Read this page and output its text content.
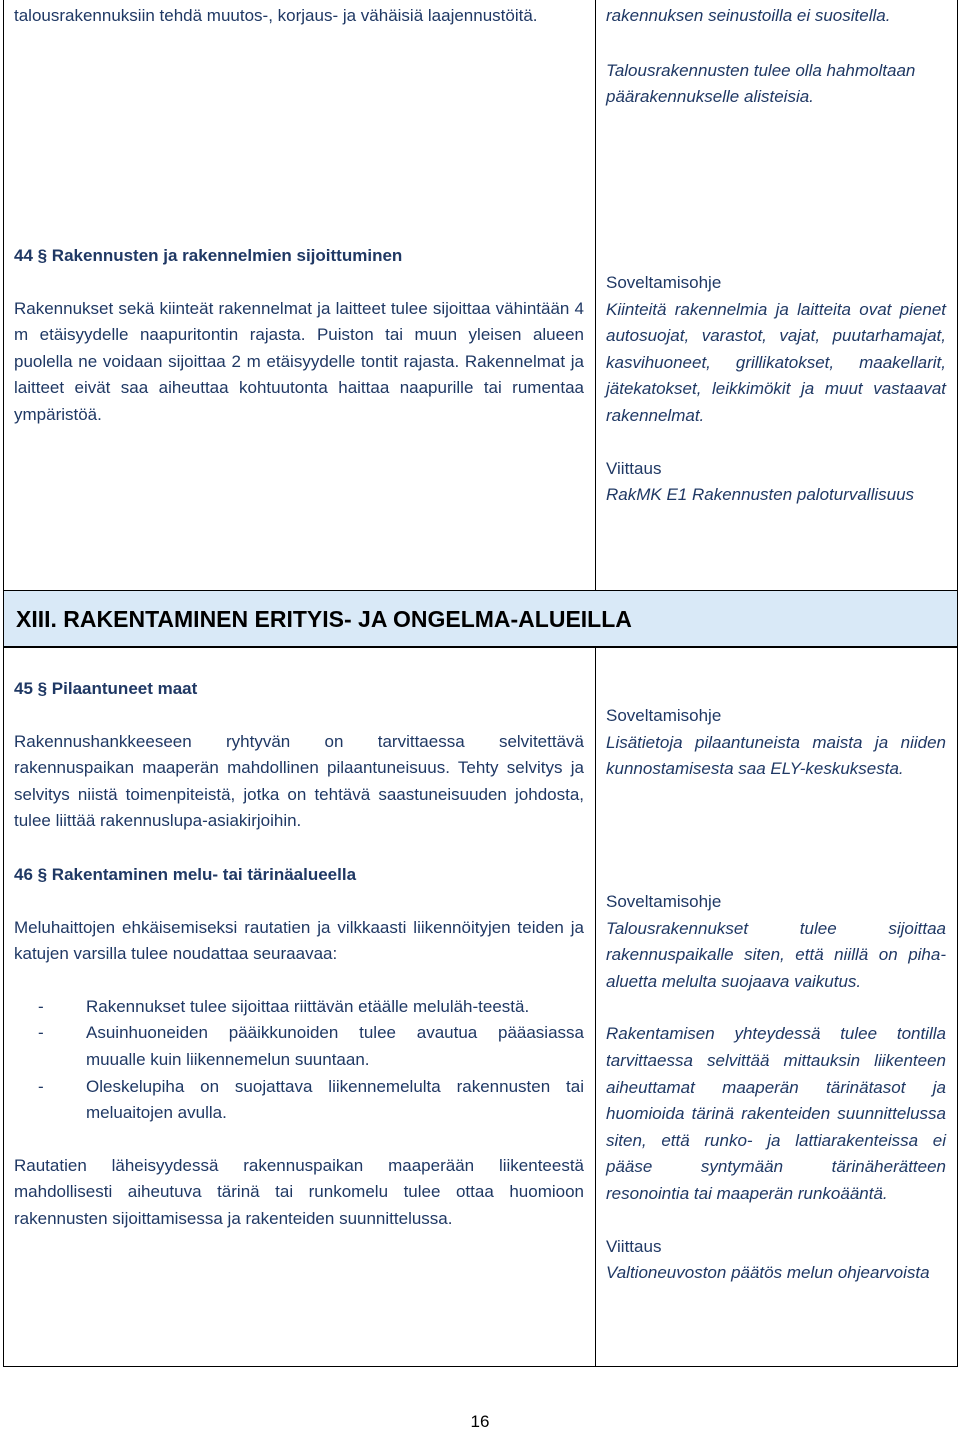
talousrakennuksiin tehdä muutos-, korjaus- ja vähäisiä laajennustöitä.	rakennuksen seinustoilla ei suositella.

Talousrakennusten tulee olla hahmoltaan päärakennukselle alisteisia.

44 § Rakennusten ja rakennelmien sijoittuminen

Rakennukset sekä kiinteät rakennelmat ja laitteet tulee sijoittaa vähintään 4 m etäisyydelle naapuritontin rajasta. Puiston tai muun yleisen alueen puolella ne voidaan sijoittaa 2 m etäisyydelle tontit rajasta. Rakennelmat ja laitteet eivät saa aiheuttaa kohtuutonta haittaa naapurille tai rumentaa ympäristöä.

Soveltamisohje

Kiinteitä rakennelmia ja laitteita ovat pienet autosuojat, varastot, vajat, puutarhamajat, kasvihuoneet, grillikatokset, maakellarit, jätekatokset, leikkimökit ja muut vastaavat rakennelmat.

Viittaus

RakMK E1 Rakennusten paloturvallisuus

XIII. RAKENTAMINEN ERITYIS- JA ONGELMA-ALUEILLA

45 § Pilaantuneet maat

Rakennushankkeeseen ryhtyvän on tarvittaessa selvitettävä rakennuspaikan maaperän mahdollinen pilaantuneisuus. Tehty selvitys ja selvitys niistä toimenpiteistä, jotka on tehtävä saastuneisuuden johdosta, tulee liittää rakennuslupa-asiakirjoihin.

Soveltamisohje

Lisätietoja pilaantuneista maista ja niiden kunnostamisesta saa ELY-keskuksesta.

46 § Rakentaminen melu- tai tärinäalueella

Meluhaittojen ehkäisemiseksi rautatien ja vilkkaasti liikennöityjen teiden ja katujen varsilla tulee noudattaa seuraavaa:

- Rakennukset tulee sijoittaa riittävän etäälle meluläh-teestä.
- Asuinhuoneiden pääikkunoiden tulee avautua pääasiassa muualle kuin liikennemelun suuntaan.
- Oleskelupiha on suojattava liikennemelulta rakennusten tai meluaitojen avulla.

Rautatien läheisyydessä rakennuspaikan maaperään liikenteestä mahdollisesti aiheutuva tärinä tai runkomelu tulee ottaa huomioon rakennusten sijoittamisessa ja rakenteiden suunnittelussa.

Soveltamisohje

Talousrakennukset tulee sijoittaa rakennuspaikalle siten, että niillä on piha-aluetta melulta suojaava vaikutus.

Rakentamisen yhteydessä tulee tontilla tarvittaessa selvittää mittauksin liikenteen aiheuttamat maaperän tärinätasot ja huomioida tärinä rakenteiden suunnittelussa siten, että runko- ja lattiarakenteissa ei pääse syntymään tärinäherätteen resonointia tai maaperän runkoääntä.

Viittaus

Valtioneuvoston päätös melun ohjearvoista

16
